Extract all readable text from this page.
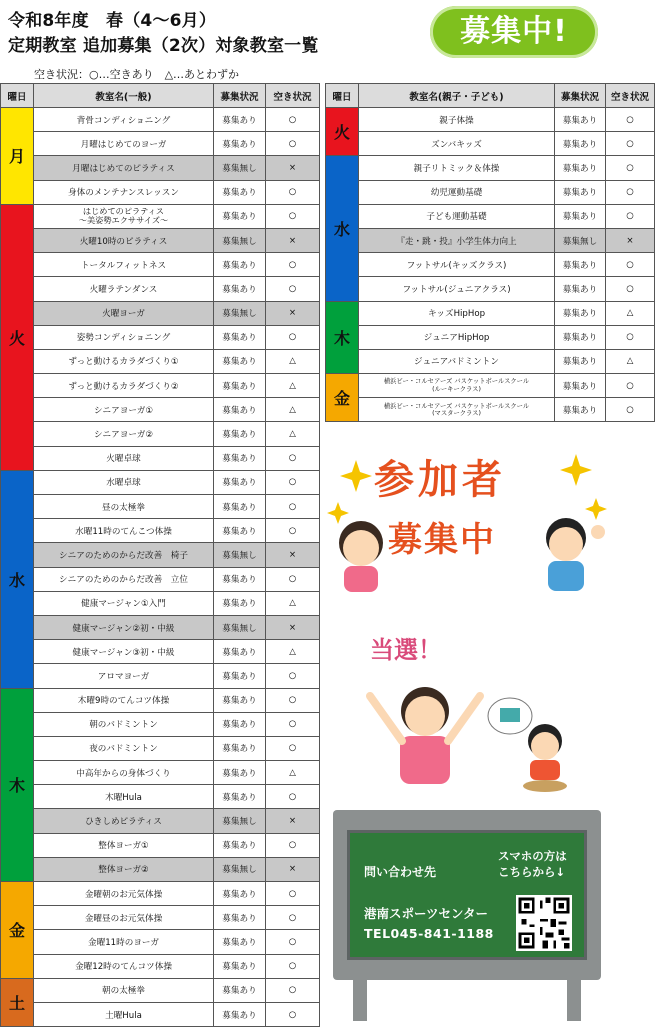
令和8年度　春（4～6月）
定期教室 追加募集（2次）対象教室一覧	募集中!
空き状況：○…空きあり　△…あとわずか
曜日	教室名(一般)	募集状況	空き状況
月	背骨コンディショニング	募集あり	○
	月曜はじめてのヨーガ	募集あり	○
	月曜はじめてのピラティス	募集無し	×
	身体のメンテナンスレッスン	募集あり	○
火	はじめてのピラティス
～美姿勢エクササイズ～	募集あり	○
	火曜10時のピラティス	募集無し	×
	トータルフィットネス	募集あり	○
	火曜ラテンダンス	募集あり	○
	火曜ヨーガ	募集無し	×
	姿勢コンディショニング	募集あり	○
	ずっと動けるカラダづくり①	募集あり	△
	ずっと動けるカラダづくり②	募集あり	△
	シニアヨーガ①	募集あり	△
	シニアヨーガ②	募集あり	△
	火曜卓球	募集あり	○
水	水曜卓球	募集あり	○
	昼の太極拳	募集あり	○
	水曜11時のてんこつ体操	募集あり	○
	シニアのためのからだ改善　椅子	募集無し	×
	シニアのためのからだ改善　立位	募集あり	○
	健康マージャン①入門	募集あり	△
	健康マージャン②初・中級	募集無し	×
	健康マージャン③初・中級	募集あり	△
	アロマヨーガ	募集あり	○
木	木曜9時のてんコツ体操	募集あり	○
	朝のバドミントン	募集あり	○
	夜のバドミントン	募集あり	○
	中高年からの身体づくり	募集あり	△
	木曜Hula	募集あり	○
	ひきしめピラティス	募集無し	×
	整体ヨーガ①	募集あり	○
	整体ヨーガ②	募集無し	×
金	金曜朝のお元気体操	募集あり	○
	金曜昼のお元気体操	募集あり	○
	金曜11時のヨーガ	募集あり	○
	金曜12時のてんコツ体操	募集あり	○
土	朝の太極拳	募集あり	○
	土曜Hula	募集あり	○
曜日	教室名(親子・子ども)	募集状況	空き状況
火	親子体操	募集あり	○
	ズンバキッズ	募集あり	○
水	親子リトミック＆体操	募集あり	○
	幼児運動基礎	募集あり	○
	子ども運動基礎	募集あり	○
	『走・跳・投』小学生体力向上	募集無し	×
	フットサル(キッズクラス)	募集あり	○
	フットサル(ジュニアクラス)	募集あり	○
木	キッズHipHop	募集あり	△
	ジュニアHipHop	募集あり	○
	ジュニアバドミントン	募集あり	△
金	横浜ビー・コルセアーズ バスケットボールスクール
(ルーキークラス)	募集あり	○
	横浜ビー・コルセアーズ バスケットボールスクール
(マスタークラス)	募集あり	○
参加者
募集中
当選！
問い合わせ先
港南スポーツセンター
TEL045-841-1188
スマホの方は
こちらから↓
